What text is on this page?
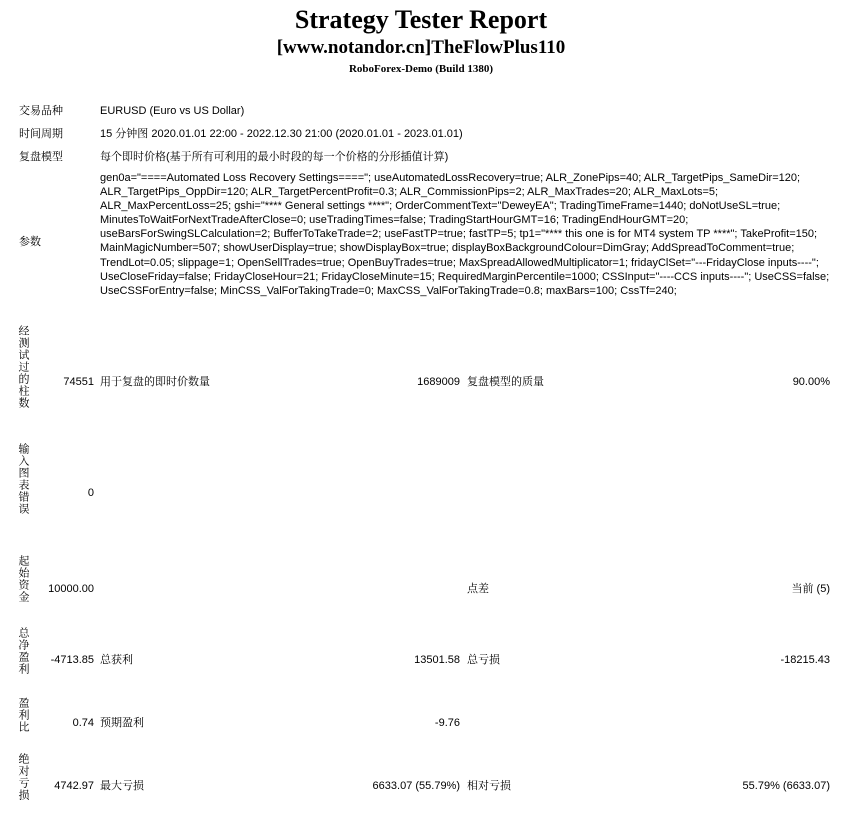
Strategy Tester Report
[www.notandor.cn]TheFlowPlus110
RoboForex-Demo (Build 1380)
交易品种	EURUSD (Euro vs US Dollar)
时间周期	15 分钟图 2020.01.01 22:00 - 2022.12.30 21:00 (2020.01.01 - 2023.01.01)
复盘模型	每个即时价格(基于所有可利用的最小时段的每一个价格的分形插值计算)
参数
gen0a="====Automated Loss Recovery Settings===="; useAutomatedLossRecovery=true; ALR_ZonePips=40; ALR_TargetPips_SameDir=120; ALR_TargetPips_OppDir=120; ALR_TargetPercentProfit=0.3; ALR_CommissionPips=2; ALR_MaxTrades=20; ALR_MaxLots=5; ALR_MaxPercentLoss=25; gshi="**** General settings ****"; OrderCommentText="DeweyEA"; TradingTimeFrame=1440; doNotUseSL=true; MinutesToWaitForNextTradeAfterClose=0; useTradingTimes=false; TradingStartHourGMT=16; TradingEndHourGMT=20; useBarsForSwingSLCalculation=2; BufferToTakeTrade=2; useFastTP=true; fastTP=5; tp1="**** this one is for MT4 system TP ****"; TakeProfit=150; MainMagicNumber=507; showUserDisplay=true; showDisplayBox=true; displayBoxBackgroundColour=DimGray; AddSpreadToComment=true; TrendLot=0.05; slippage=1; OpenSellTrades=true; OpenBuyTrades=true; MaxSpreadAllowedMultiplicator=1; fridayClSet="---FridayClose inputs----"; UseCloseFriday=false; FridayCloseHour=21; FridayCloseMinute=15; RequiredMarginPercentile=1000; CSSInput="----CCS inputs----"; UseCSS=false; UseCSSForEntry=false; MinCSS_ValForTakingTrade=0; MaxCSS_ValForTakingTrade=0.8; maxBars=100; CssTf=240;
经测试过的柱数	74551 用于复盘的即时价数量	1689009 复盘模型的质量	90.00%
输入图表错误	0
起始资金	10000.00	点差	当前 (5)
总净盈利	-4713.85 总获利	13501.58 总亏损	-18215.43
盈利比	0.74 预期盈利	-9.76
绝对亏损	4742.97 最大亏损	6633.07 (55.79%) 相对亏损	55.79% (6633.07)
